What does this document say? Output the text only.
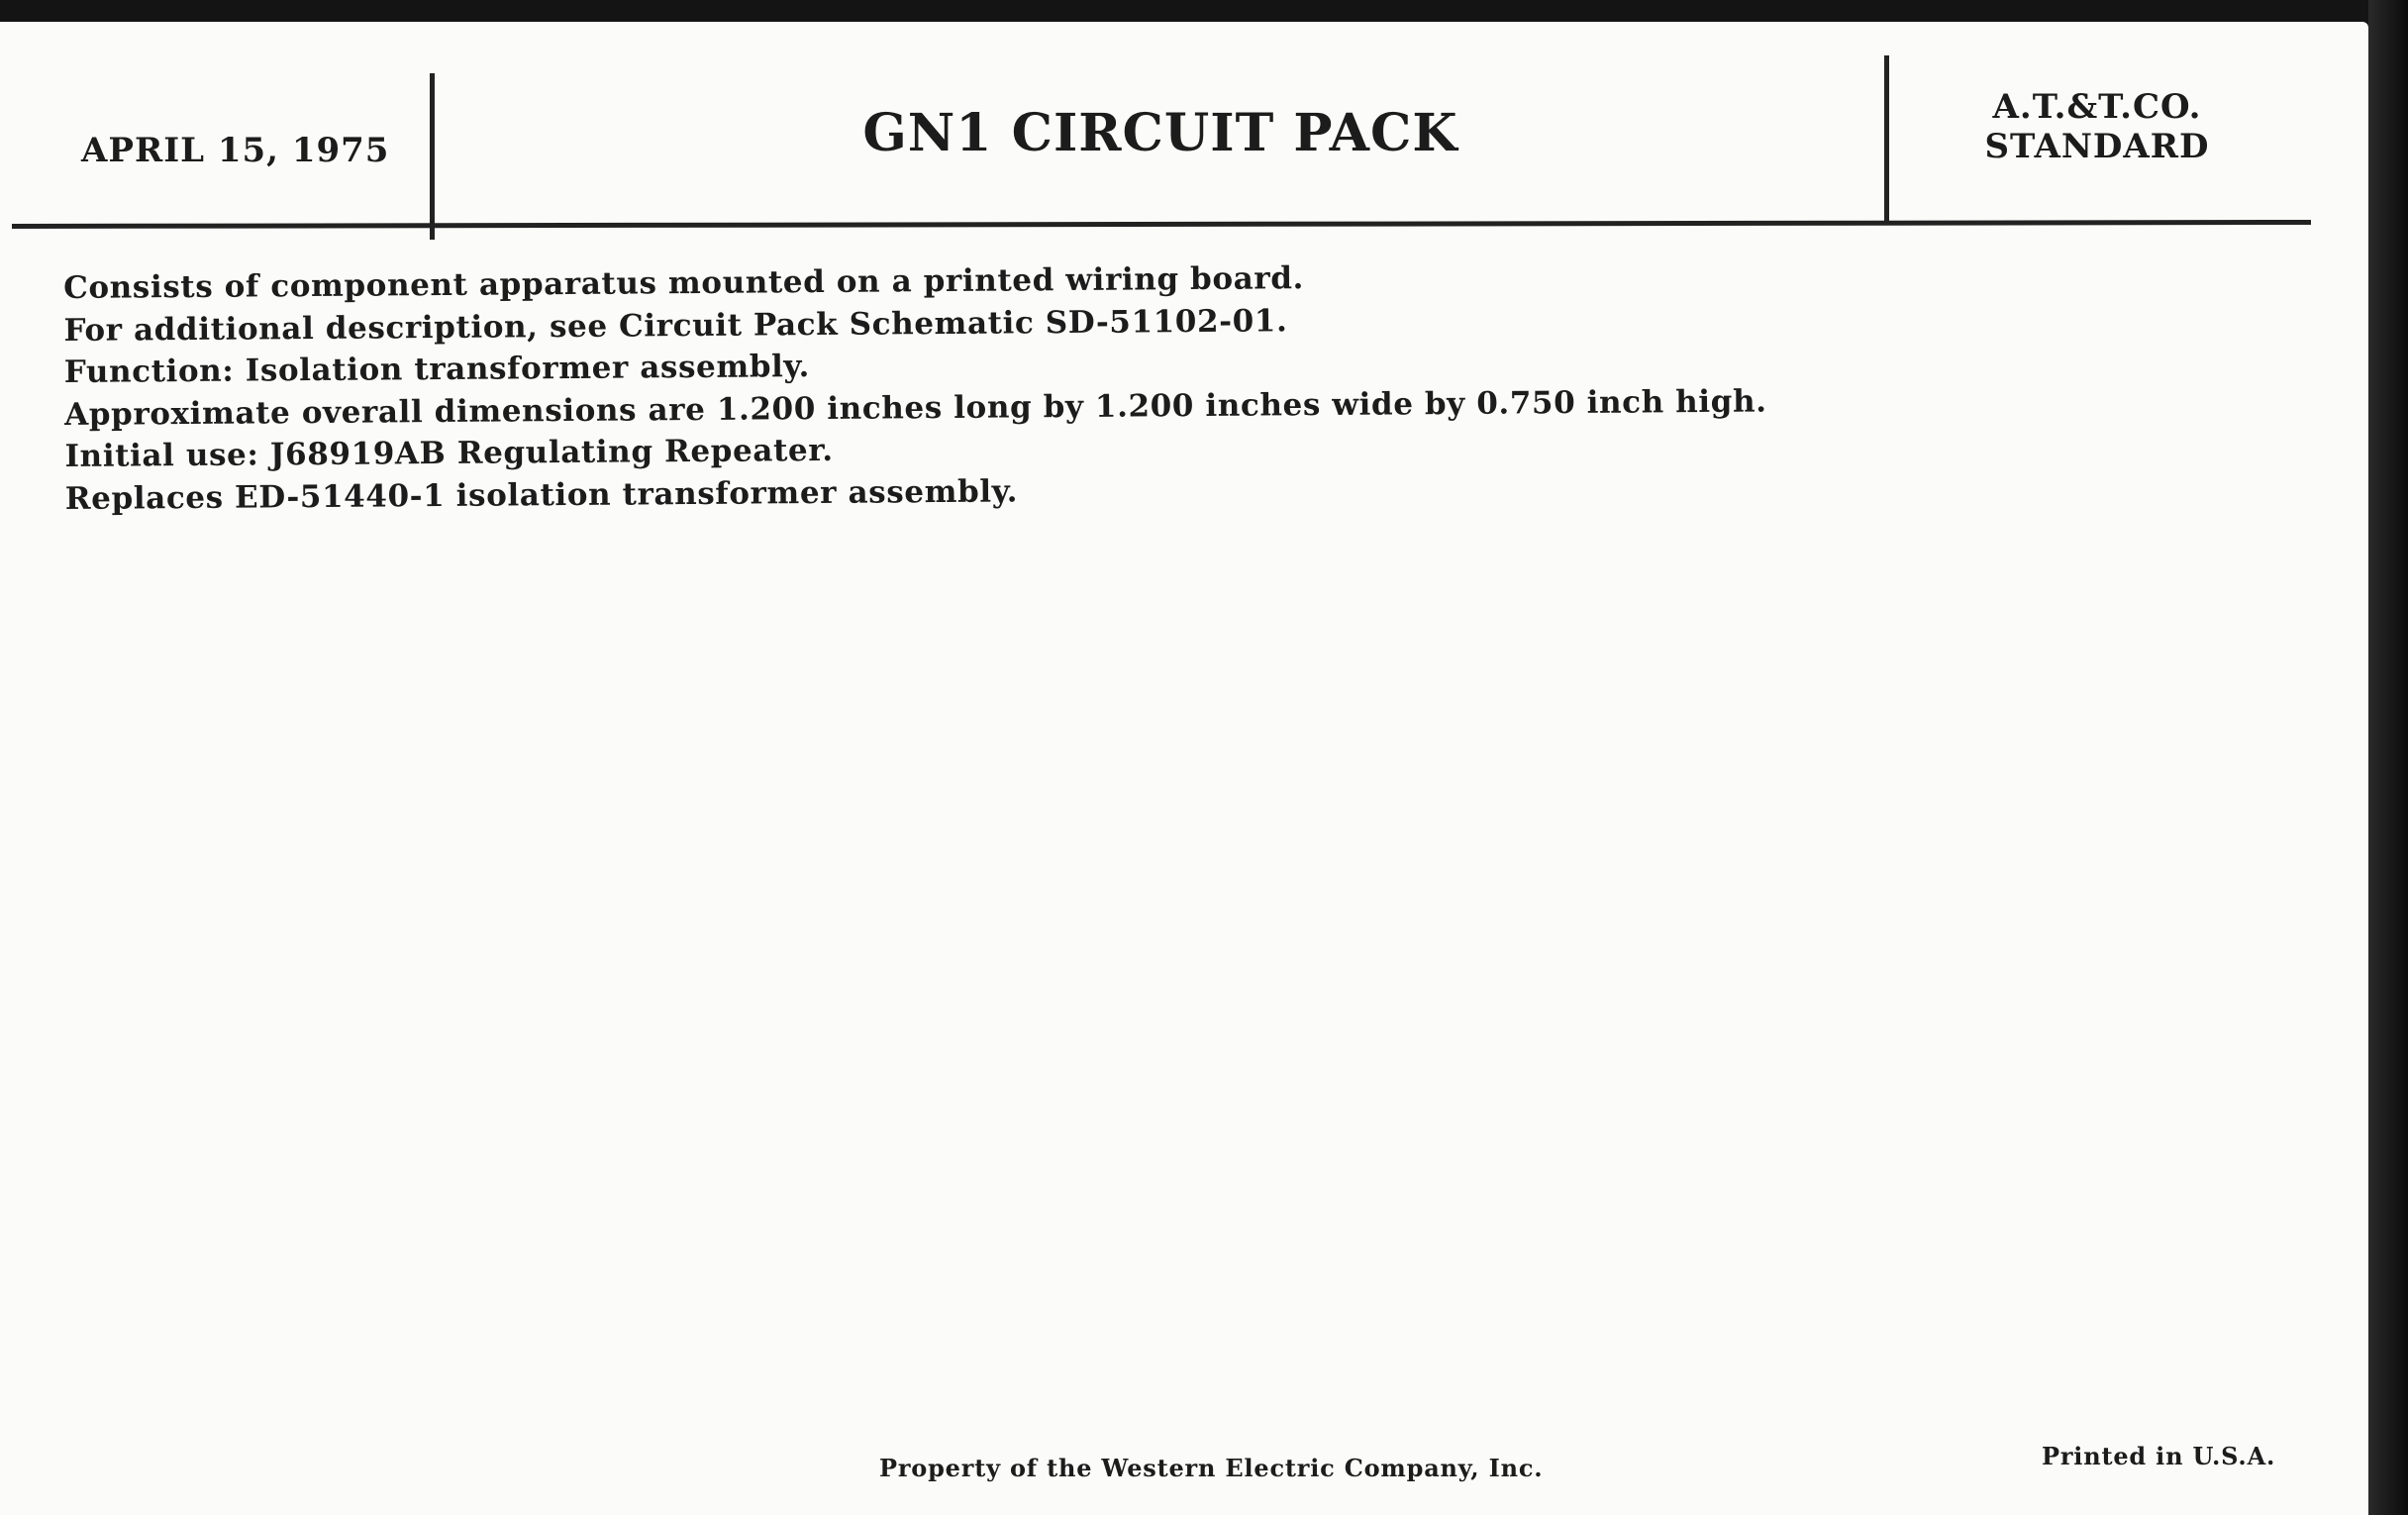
APRIL 15, 1975	GN1 CIRCUIT PACK	A.T.&T.CO.
STANDARD
Consists of component apparatus mounted on a printed wiring board.
For additional description, see Circuit Pack Schematic SD-51102-01.
Function: Isolation transformer assembly.
Approximate overall dimensions are 1.200 inches long by 1.200 inches wide by 0.750 inch high.
Initial use: J68919AB Regulating Repeater.
Replaces ED-51440-1 isolation transformer assembly.
Property of the Western Electric Company, Inc.	Printed in U.S.A.
